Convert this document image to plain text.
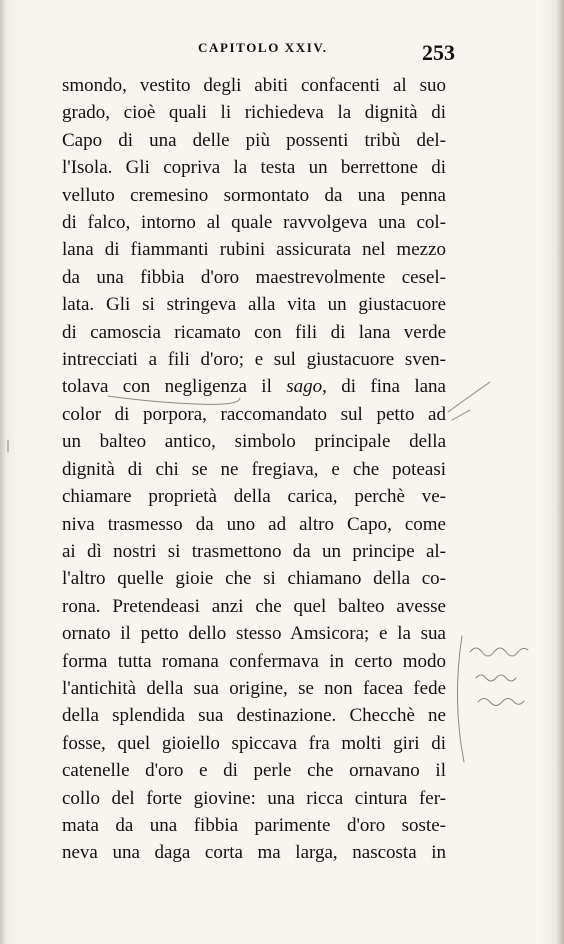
CAPITOLO XXIV.	253
smondo, vestito degli abiti confacenti al suo
grado, cioè quali li richiedeva la dignità di
Capo di una delle più possenti tribù del-
l'Isola. Gli copriva la testa un berrettone di
velluto cremesino sormontato da una penna
di falco, intorno al quale ravvolgeva una col-
lana di fiammanti rubini assicurata nel mezzo
da una fibbia d'oro maestrevolmente cesel-
lata. Gli si stringeva alla vita un giustacuore
di camoscia ricamato con fili di lana verde
intrecciati a fili d'oro; e sul giustacuore sven-
tolava con negligenza il sago, di fina lana
color di porpora, raccomandato sul petto ad
un balteo antico, simbolo principale della
dignità di chi se ne fregiava, e che poteasi
chiamare proprietà della carica, perchè ve-
niva trasmesso da uno ad altro Capo, come
ai dì nostri si trasmettono da un principe al-
l'altro quelle gioie che si chiamano della co-
rona. Pretendeasi anzi che quel balteo avesse
ornato il petto dello stesso Amsicora; e la sua
forma tutta romana confermava in certo modo
l'antichità della sua origine, se non facea fede
della splendida sua destinazione. Checchè ne
fosse, quel gioiello spiccava fra molti giri di
catenelle d'oro e di perle che ornavano il
collo del forte giovine: una ricca cintura fer-
mata da una fibbia parimente d'oro soste-
neva una daga corta ma larga, nascosta in
